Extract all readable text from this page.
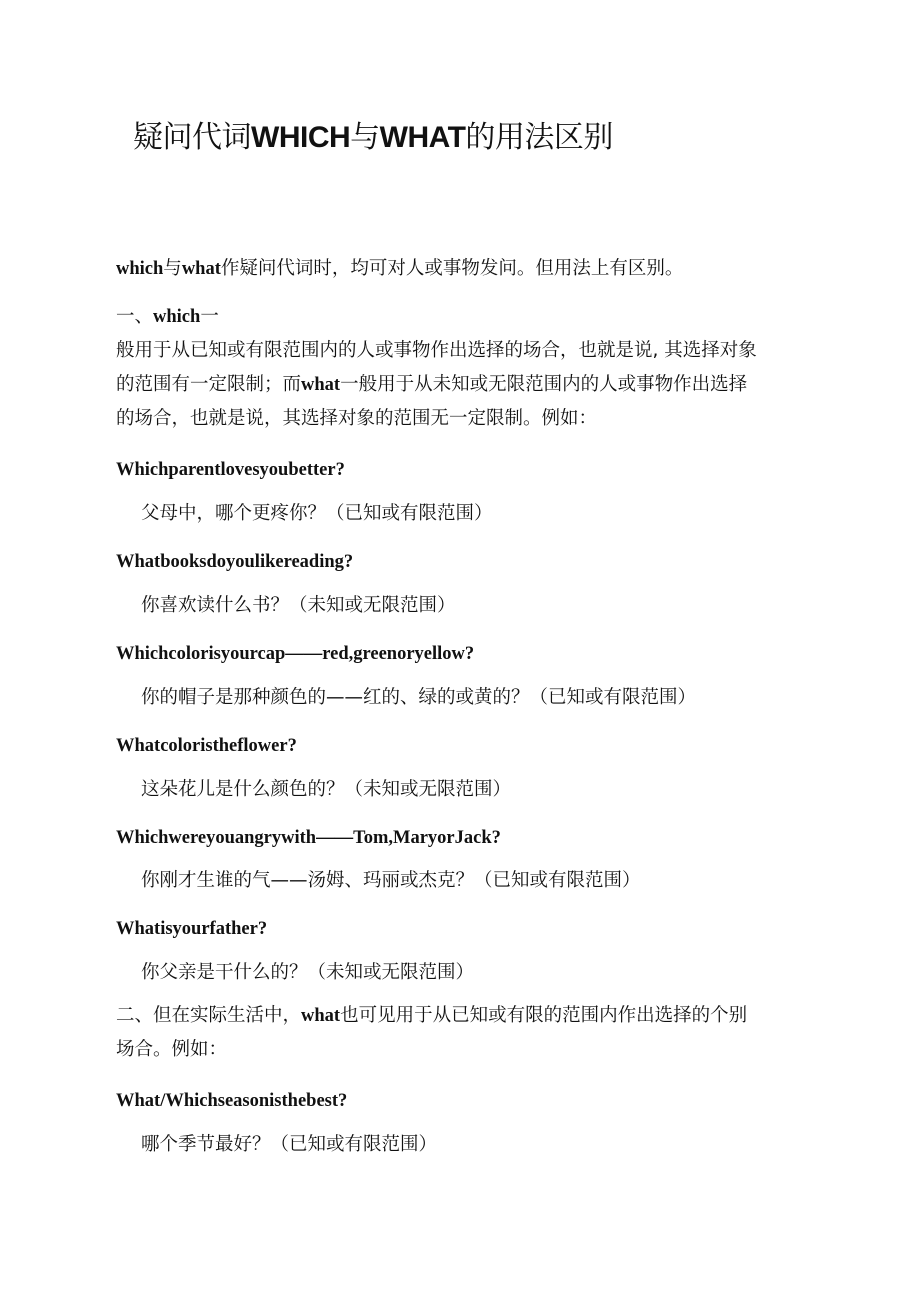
疑问代词WHICH与WHAT的用法区别
which与what作疑问代词时，均可对人或事物发问。但用法上有区别。
一、which一
般用于从已知或有限范围内的人或事物作出选择的场合，也就是说, 其选择对象
的范围有一定限制；而what一般用于从未知或无限范围内的人或事物作出选择
的场合，也就是说，其选择对象的范围无一定限制。例如：
Whichparentlovesyoubetter?
父母中，哪个更疼你？（已知或有限范围）
Whatbooksdoyoulikereading?
你喜欢读什么书？（未知或无限范围）
Whichcolorisyourcap——red,greenoryellow?
你的帽子是那种颜色的——红的、绿的或黄的？（已知或有限范围）
Whatcoloristheflower?
这朵花儿是什么颜色的？（未知或无限范围）
Whichwereyouangrywith——Tom,MaryorJack?
你刚才生谁的气——汤姆、玛丽或杰克？（已知或有限范围）
Whatisyourfather?
你父亲是干什么的？（未知或无限范围）
二、但在实际生活中，what也可见用于从已知或有限的范围内作出选择的个别
场合。例如：
What/Whichseasonisthebest?
哪个季节最好？（已知或有限范围）
